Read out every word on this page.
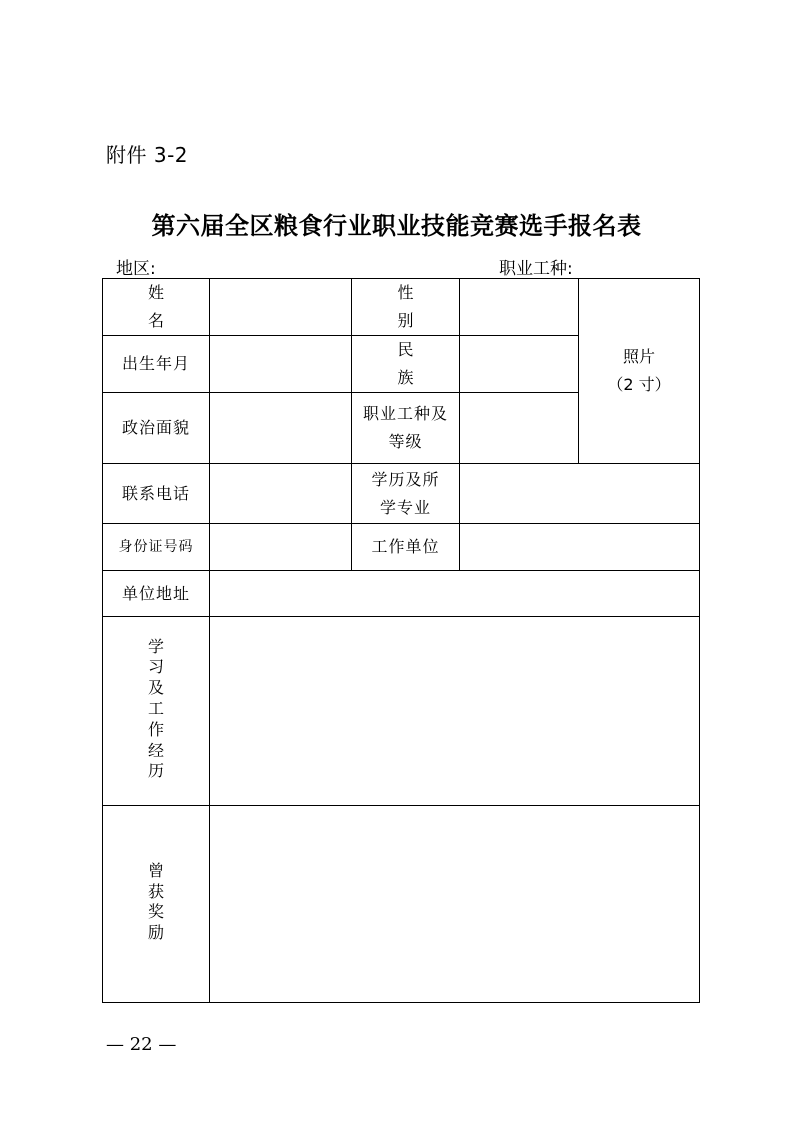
附件 3-2
第六届全区粮食行业职业技能竞赛选手报名表
地区:	职业工种:
姓 名		性 别		照片
（2 寸）

出生年月		民 族		
政治面貌		职业工种及等级		
联系电话		学历及所学专业		
身份证号码		工作单位		
单位地址				
学习及工作经历				
曾获奖励				
— 22 —
